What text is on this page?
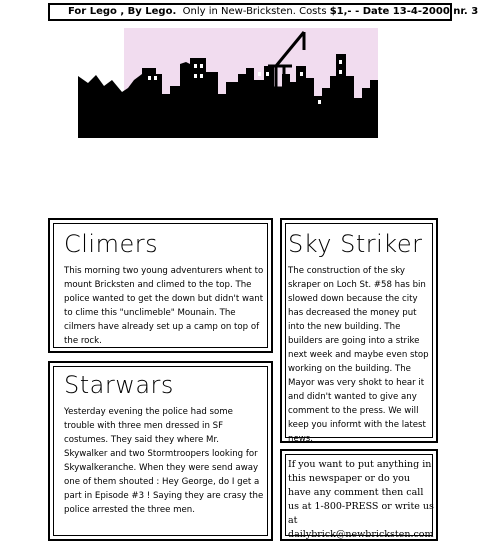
For Lego , By Lego. Only in New-Bricksten. Costs $1,- - Date 13-4-2000 nr. 3
DAILY BRICK
Climers
This morning two young adventurers whent to mount Bricksten and climed to the top. The police wanted to get the down but didn't want to clime this "unclimeble" Mounain. The cilmers have already set up a camp on top of the rock.
Starwars
Yesterday evening the police had some trouble with three men dressed in SF costumes. They said they where Mr. Skywalker and two Stormtroopers looking for Skywalkeranche. When they were send away one of them shouted : Hey George, do I get a part in Episode #3 ! Saying they are crasy the police arrested the three men.
Sky Striker
The construction of the sky skraper on Loch St. #58 has bin slowed down because the city has decreased the money put into the new building. The builders are going into a strike next week and maybe even stop working on the building. The Mayor was very shokt to hear it and didn't wanted to give any comment to the press. We will keep you informt with the latest news.
If you want to put anything in this newspaper or do you have any comment then call us at 1-800-PRESS or write us at dailybrick@newbricksten.com
